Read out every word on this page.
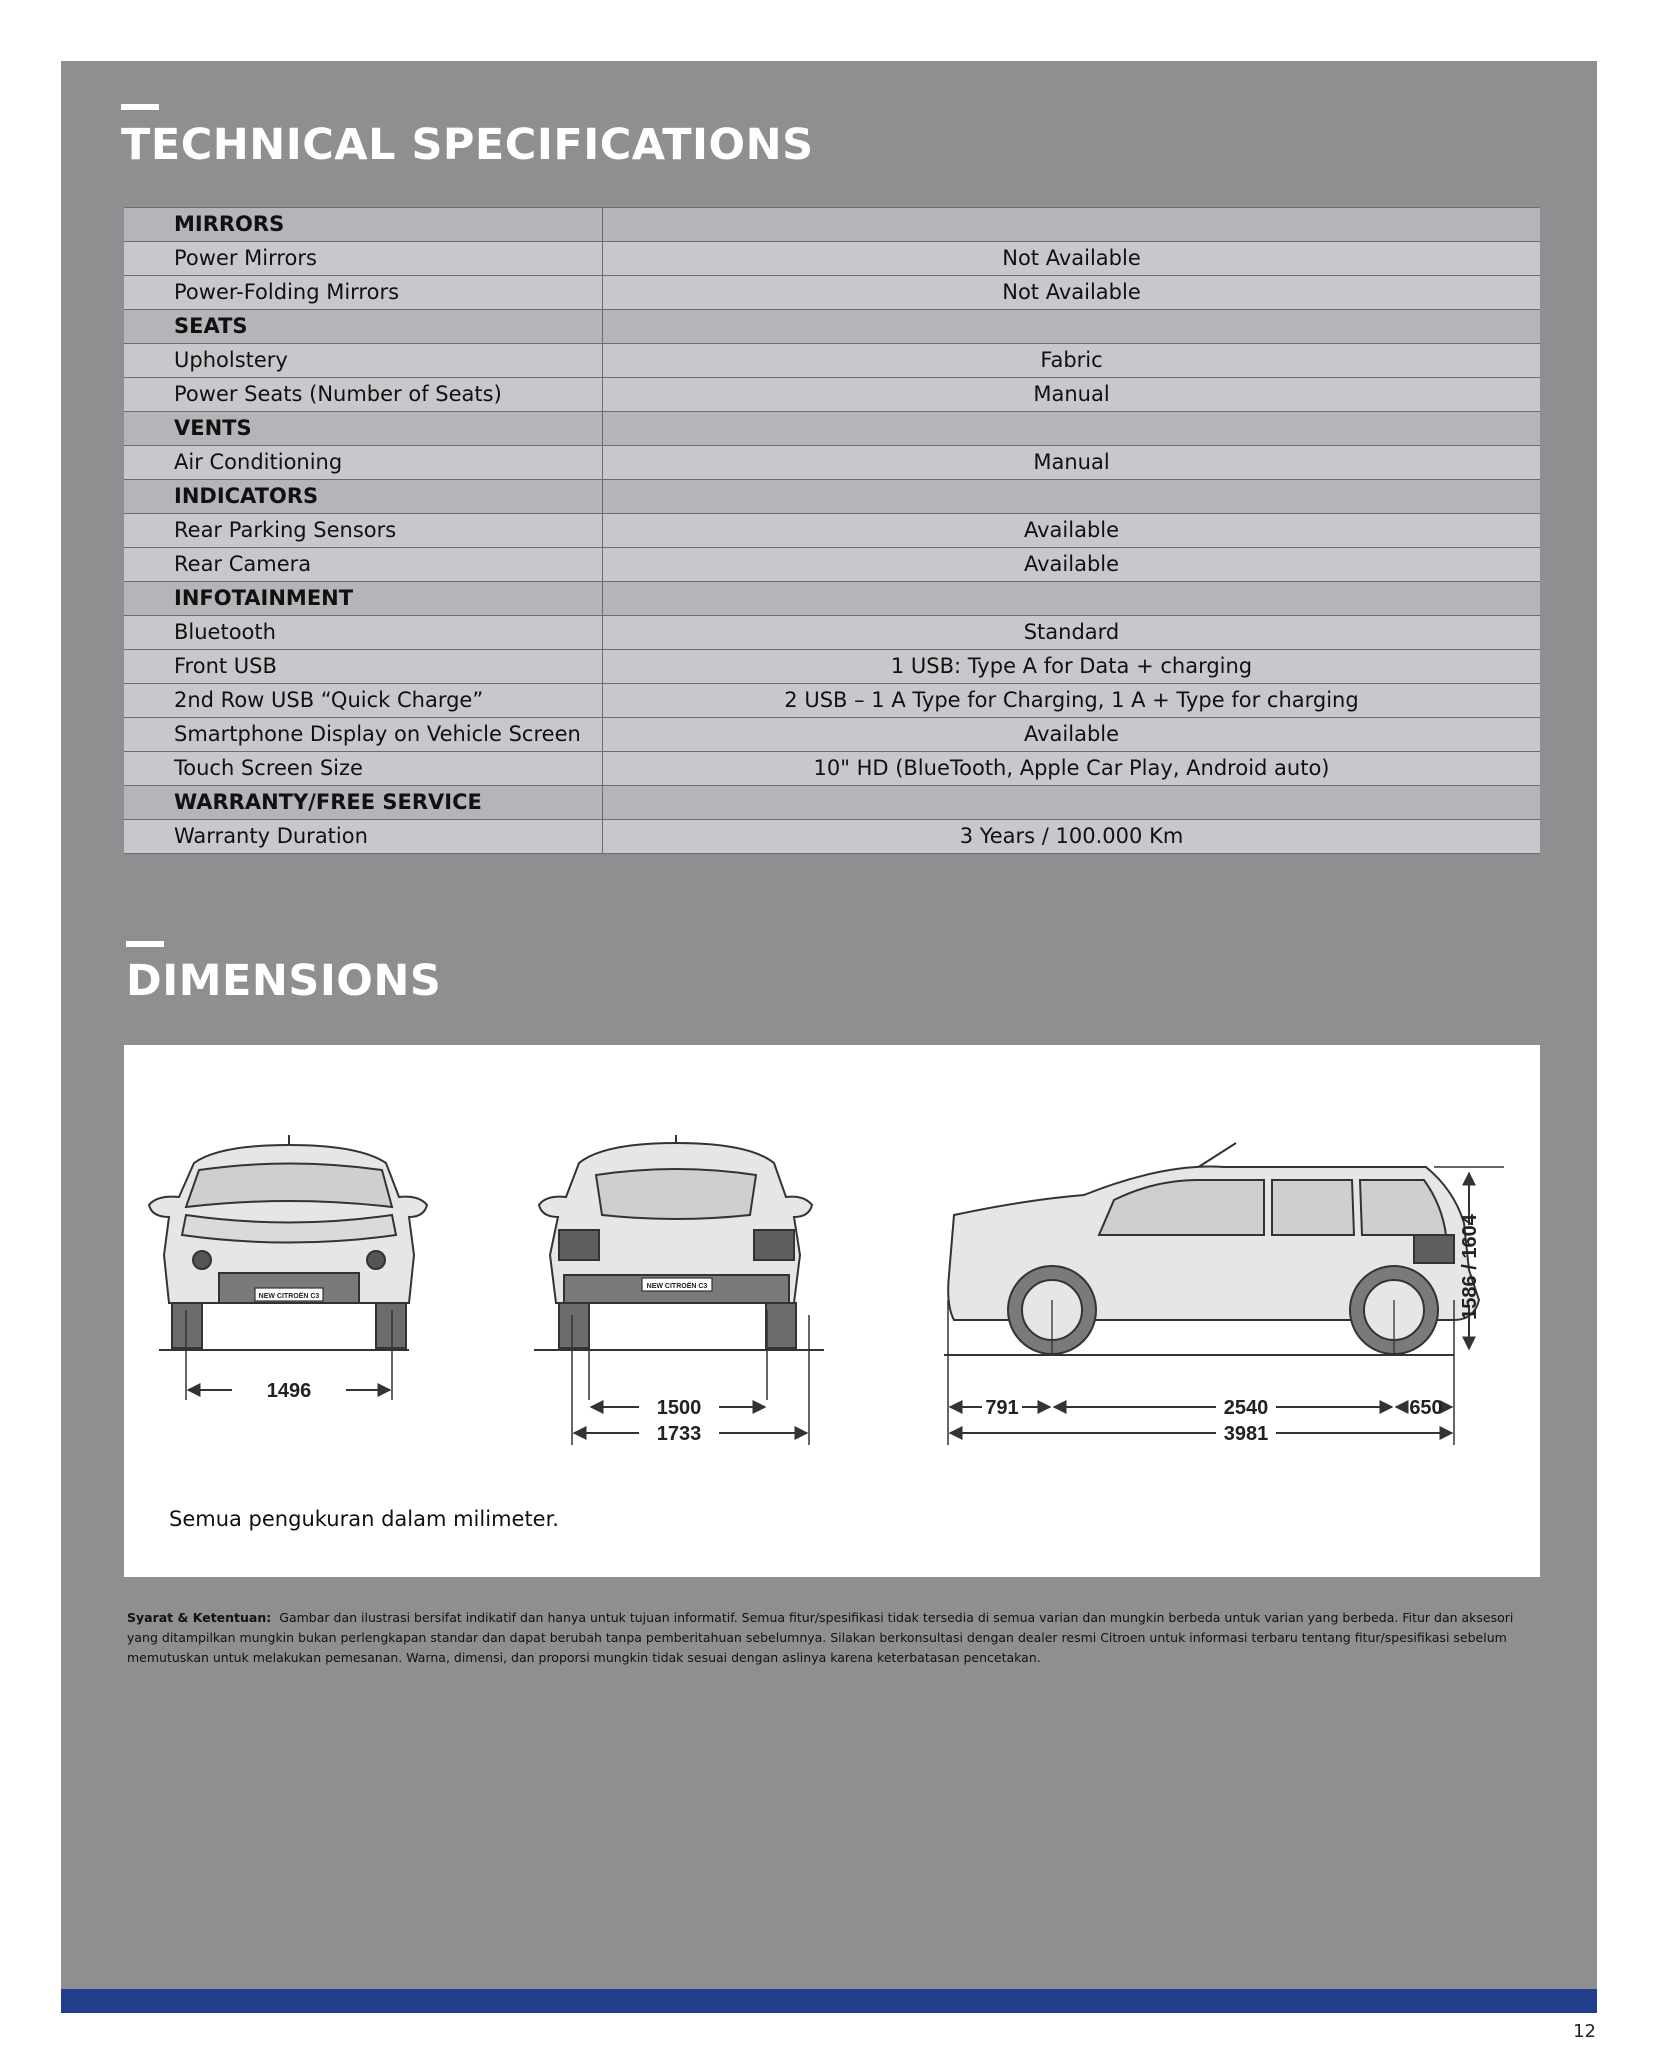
TECHNICAL SPECIFICATIONS
MIRRORS	
Power Mirrors	Not Available
Power-Folding Mirrors	Not Available
SEATS	
Upholstery	Fabric
Power Seats (Number of Seats)	Manual
VENTS	
Air Conditioning	Manual
INDICATORS	
Rear Parking Sensors	Available
Rear Camera	Available
INFOTAINMENT	
Bluetooth	Standard
Front USB	1 USB: Type A for Data + charging
2nd Row USB “Quick Charge”	2 USB – 1 A Type for Charging, 1 A + Type for charging
Smartphone Display on Vehicle Screen	Available
Touch Screen Size	10" HD (BlueTooth, Apple Car Play, Android auto)
WARRANTY/FREE SERVICE	
Warranty Duration	3 Years / 100.000 Km
DIMENSIONS
NEW CITROËN C3
NEW CITROËN C3
1496
1500
1733
791	2540	650
3981
1586 / 1604
Semua pengukuran dalam milimeter.
Syarat & Ketentuan: Gambar dan ilustrasi bersifat indikatif dan hanya untuk tujuan informatif. Semua fitur/spesifikasi tidak tersedia di semua varian dan mungkin berbeda untuk varian yang berbeda. Fitur dan aksesori yang ditampilkan mungkin bukan perlengkapan standar dan dapat berubah tanpa pemberitahuan sebelumnya. Silakan berkonsultasi dengan dealer resmi Citroen untuk informasi terbaru tentang fitur/spesifikasi sebelum memutuskan untuk melakukan pemesanan. Warna, dimensi, dan proporsi mungkin tidak sesuai dengan aslinya karena keterbatasan pencetakan.
12
